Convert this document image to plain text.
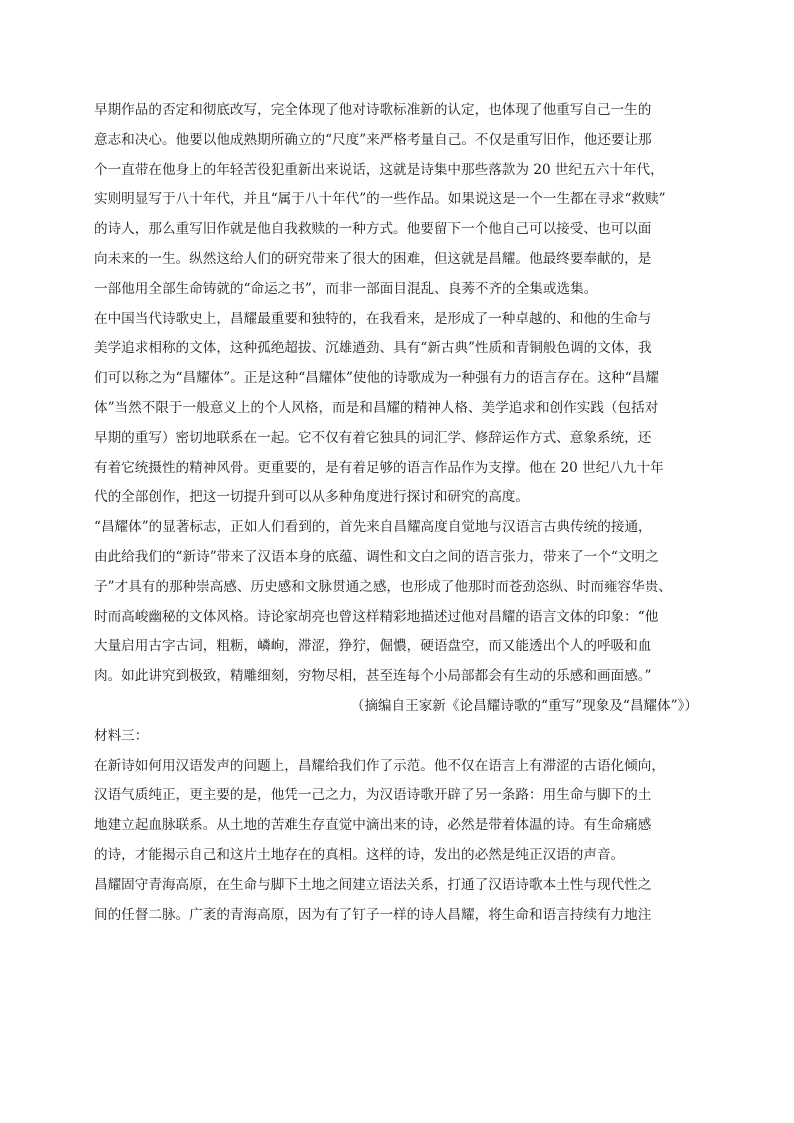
早期作品的否定和彻底改写，完全体现了他对诗歌标准新的认定，也体现了他重写自己一生的
意志和决心。他要以他成熟期所确立的“尺度”来严格考量自己。不仅是重写旧作，他还要让那
个一直带在他身上的年轻苦役犯重新出来说话，这就是诗集中那些落款为 20 世纪五六十年代，
实则明显写于八十年代，并且“属于八十年代”的一些作品。如果说这是一个一生都在寻求“救赎”
的诗人，那么重写旧作就是他自我救赎的一种方式。他要留下一个他自己可以接受、也可以面
向未来的一生。纵然这给人们的研究带来了很大的困难，但这就是昌耀。他最终要奉献的，是
一部他用全部生命铸就的“命运之书”，而非一部面目混乱、良莠不齐的全集或选集。
在中国当代诗歌史上，昌耀最重要和独特的，在我看来，是形成了一种卓越的、和他的生命与
美学追求相称的文体，这种孤绝超拔、沉雄遒劲、具有“新古典”性质和青铜般色调的文体，我
们可以称之为“昌耀体”。正是这种“昌耀体”使他的诗歌成为一种强有力的语言存在。这种“昌耀
体”当然不限于一般意义上的个人风格，而是和昌耀的精神人格、美学追求和创作实践（包括对
早期的重写）密切地联系在一起。它不仅有着它独具的词汇学、修辞运作方式、意象系统，还
有着它统摄性的精神风骨。更重要的，是有着足够的语言作品作为支撑。他在 20 世纪八九十年
代的全部创作，把这一切提升到可以从多种角度进行探讨和研究的高度。
“昌耀体”的显著标志，正如人们看到的，首先来自昌耀高度自觉地与汉语言古典传统的接通，
由此给我们的“新诗”带来了汉语本身的底蕴、调性和文白之间的语言张力，带来了一个“文明之
子”才具有的那种崇高感、历史感和文脉贯通之感，也形成了他那时而苍劲恣纵、时而雍容华贵、
时而高峻幽秘的文体风格。诗论家胡亮也曾这样精彩地描述过他对昌耀的语言文体的印象：“他
大量启用古字古词，粗粝，嶙峋，滞涩，狰狞，倔憹，硬语盘空，而又能透出个人的呼吸和血
肉。如此讲究到极致，精雕细刻，穷物尽相，甚至连每个小局部都会有生动的乐感和画面感。”
（摘编自王家新《论昌耀诗歌的“重写”现象及“昌耀体”》）
材料三：
在新诗如何用汉语发声的问题上，昌耀给我们作了示范。他不仅在语言上有滞涩的古语化倾向，
汉语气质纯正，更主要的是，他凭一己之力，为汉语诗歌开辟了另一条路：用生命与脚下的土
地建立起血脉联系。从土地的苦难生存直觉中滴出来的诗，必然是带着体温的诗。有生命痛感
的诗，才能揭示自己和这片土地存在的真相。这样的诗，发出的必然是纯正汉语的声音。
昌耀固守青海高原，在生命与脚下土地之间建立语法关系，打通了汉语诗歌本土性与现代性之
间的任督二脉。广袤的青海高原，因为有了钉子一样的诗人昌耀，将生命和语言持续有力地注
